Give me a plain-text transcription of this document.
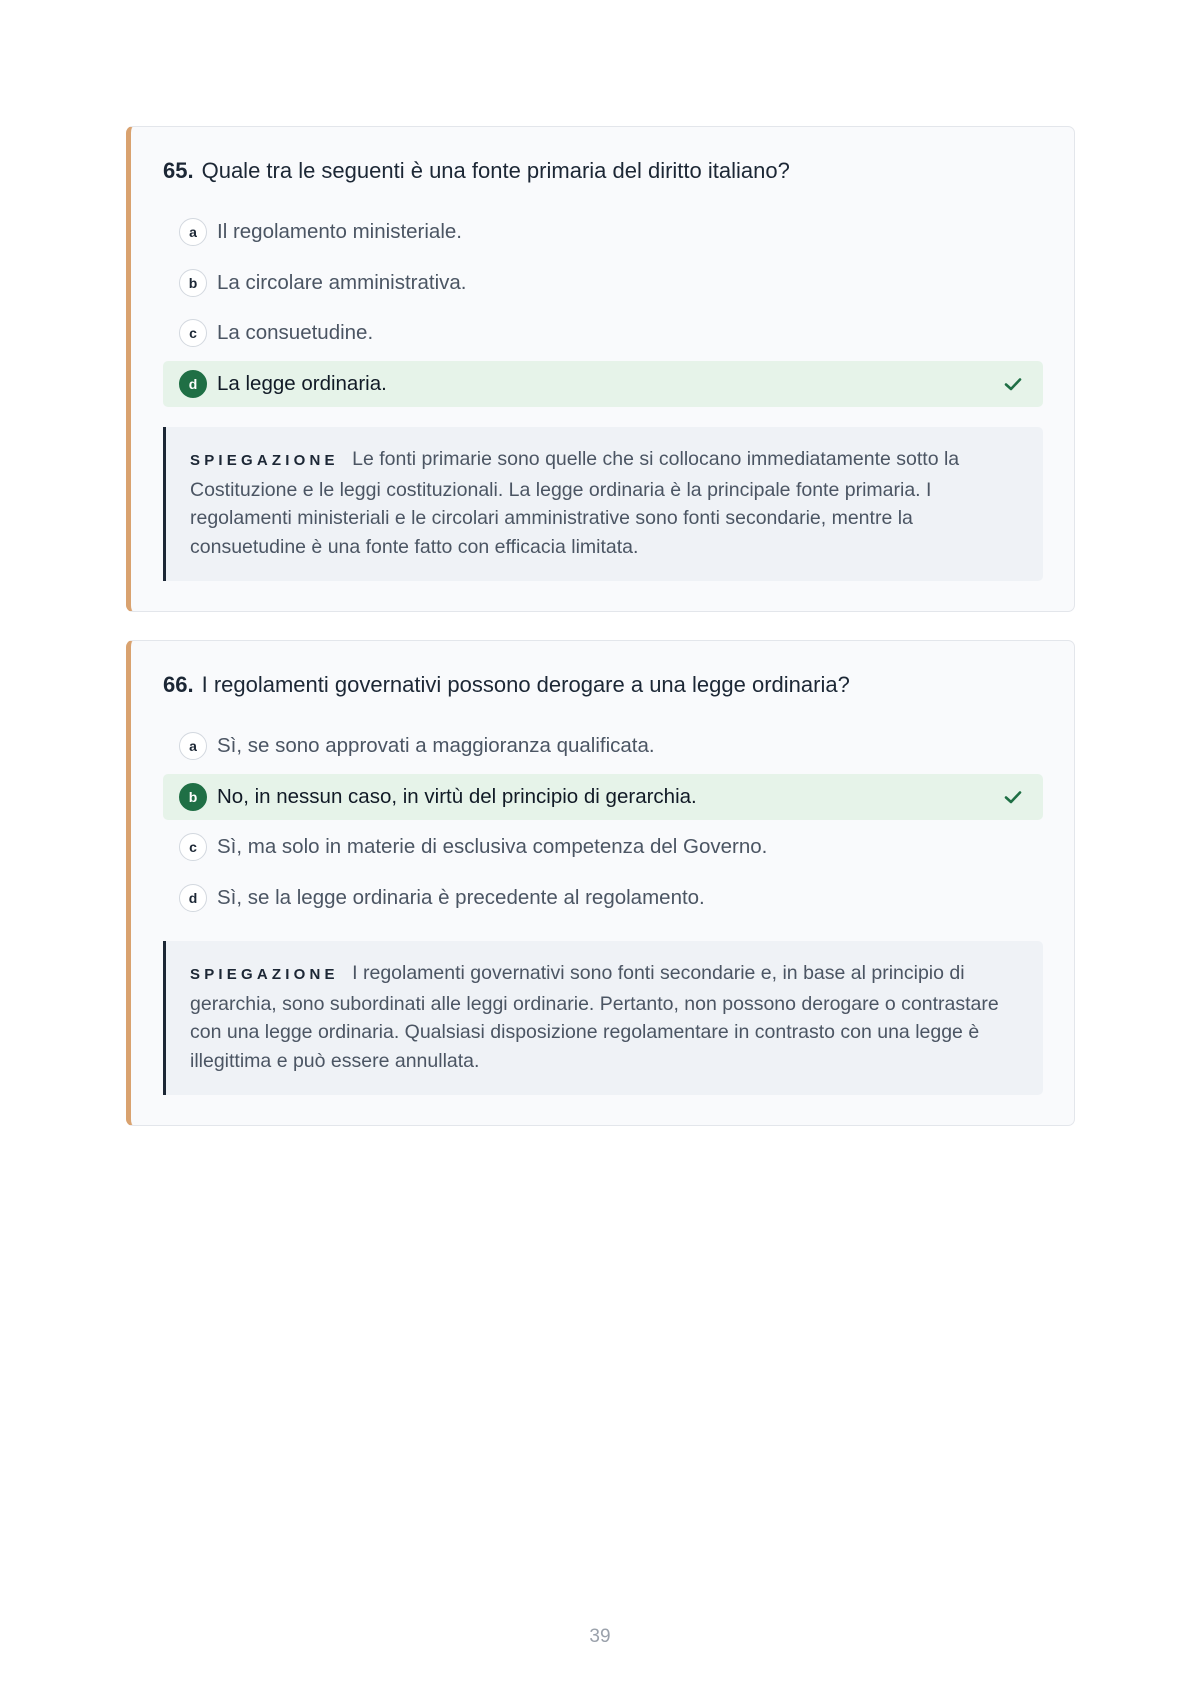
65. Quale tra le seguenti è una fonte primaria del diritto italiano?
a Il regolamento ministeriale.
b La circolare amministrativa.
c La consuetudine.
d La legge ordinaria.
SPIEGAZIONE Le fonti primarie sono quelle che si collocano immediatamente sotto la Costituzione e le leggi costituzionali. La legge ordinaria è la principale fonte primaria. I regolamenti ministeriali e le circolari amministrative sono fonti secondarie, mentre la consuetudine è una fonte fatto con efficacia limitata.
66. I regolamenti governativi possono derogare a una legge ordinaria?
a Sì, se sono approvati a maggioranza qualificata.
b No, in nessun caso, in virtù del principio di gerarchia.
c Sì, ma solo in materie di esclusiva competenza del Governo.
d Sì, se la legge ordinaria è precedente al regolamento.
SPIEGAZIONE I regolamenti governativi sono fonti secondarie e, in base al principio di gerarchia, sono subordinati alle leggi ordinarie. Pertanto, non possono derogare o contrastare con una legge ordinaria. Qualsiasi disposizione regolamentare in contrasto con una legge è illegittima e può essere annullata.
39
